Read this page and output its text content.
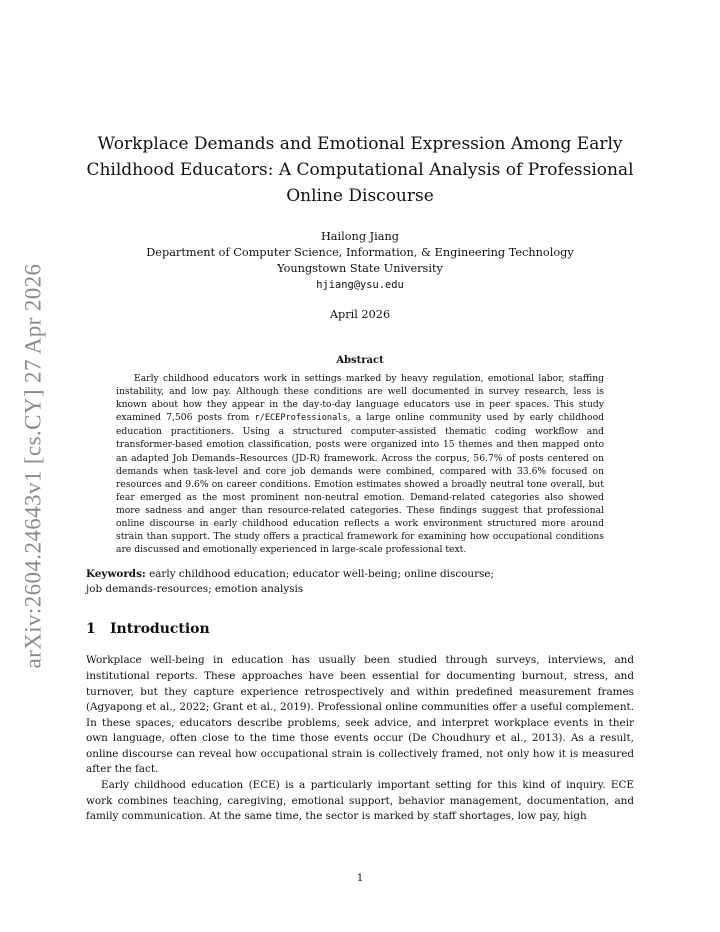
arXiv:2604.24643v1 [cs.CY] 27 Apr 2026
Workplace Demands and Emotional Expression Among Early
Childhood Educators: A Computational Analysis of Professional
Online Discourse
Hailong Jiang
Department of Computer Science, Information, & Engineering Technology
Youngstown State University
hjiang@ysu.edu
April 2026
Abstract

Early childhood educators work in settings marked by heavy regulation, emotional labor, staffing instability, and low pay. Although these conditions are well documented in survey research, less is known about how they appear in the day-to-day language educators use in peer spaces. This study examined 7,506 posts from r/ECEProfessionals, a large online community used by early childhood education practitioners. Using a structured computer-assisted thematic coding workflow and transformer-based emotion classification, posts were organized into 15 themes and then mapped onto an adapted Job Demands–Resources (JD-R) framework. Across the corpus, 56.7% of posts centered on demands when task-level and core job demands were combined, compared with 33.6% focused on resources and 9.6% on career conditions. Emotion estimates showed a broadly neutral tone overall, but fear emerged as the most prominent non-neutral emotion. Demand-related categories also showed more sadness and anger than resource-related categories. These findings suggest that professional online discourse in early childhood education reflects a work environment structured more around strain than support. The study offers a practical framework for examining how occupational conditions are discussed and emotionally experienced in large-scale professional text.

Keywords: early childhood education; educator well-being; online discourse;
job demands-resources; emotion analysis
1 Introduction

Workplace well-being in education has usually been studied through surveys, interviews, and institutional reports. These approaches have been essential for documenting burnout, stress, and turnover, but they capture experience retrospectively and within predefined measurement frames (Agyapong et al., 2022; Grant et al., 2019). Professional online communities offer a useful complement. In these spaces, educators describe problems, seek advice, and interpret workplace events in their own language, often close to the time those events occur (De Choudhury et al., 2013). As a result, online discourse can reveal how occupational strain is collectively framed, not only how it is measured after the fact.

Early childhood education (ECE) is a particularly important setting for this kind of inquiry. ECE work combines teaching, caregiving, emotional support, behavior management, documentation, and family communication. At the same time, the sector is marked by staff shortages, low pay, high

1
